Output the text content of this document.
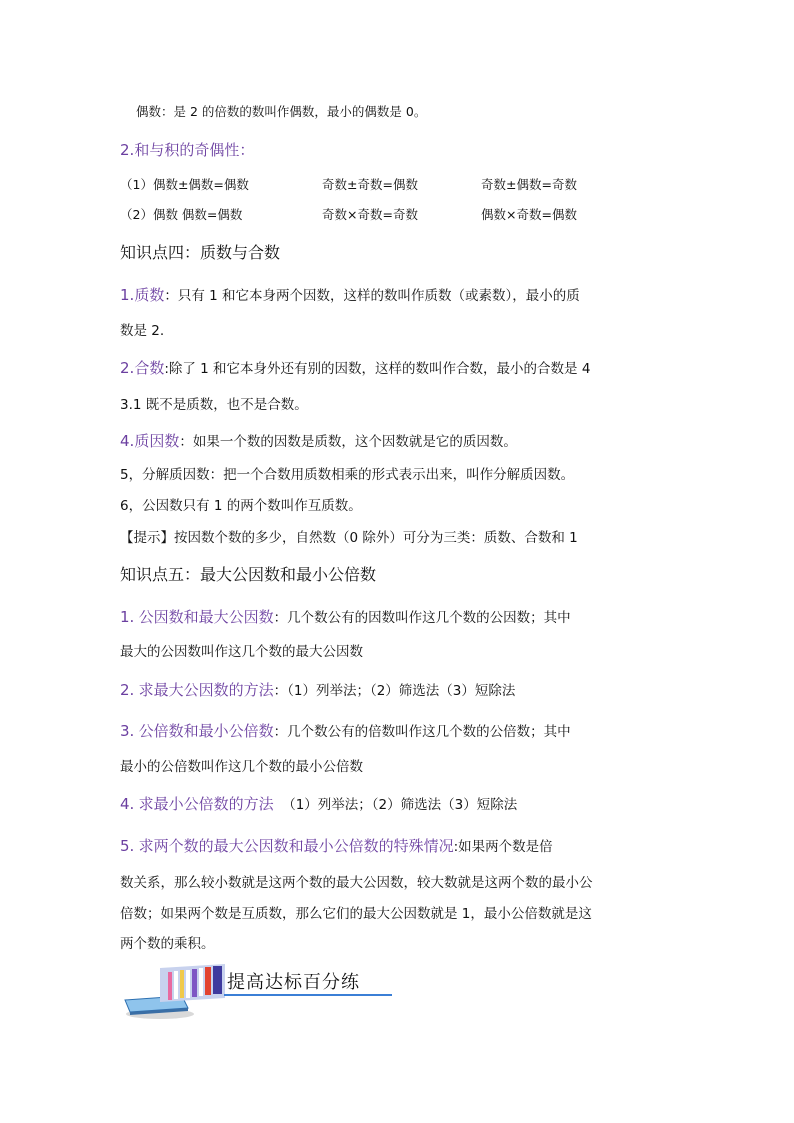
偶数：是 2 的倍数的数叫作偶数，最小的偶数是 0。
2.和与积的奇偶性：
（1）偶数±偶数=偶数	奇数±奇数=偶数	奇数±偶数=奇数
（2）偶数 偶数=偶数	奇数×奇数=奇数	偶数×奇数=偶数
知识点四：质数与合数
1.质数：只有 1 和它本身两个因数，这样的数叫作质数（或素数），最小的质
数是 2.
2.合数:除了 1 和它本身外还有别的因数，这样的数叫作合数，最小的合数是 4
3.1 既不是质数，也不是合数。
4.质因数：如果一个数的因数是质数，这个因数就是它的质因数。
5，分解质因数：把一个合数用质数相乘的形式表示出来，叫作分解质因数。
6，公因数只有 1 的两个数叫作互质数。
【提示】按因数个数的多少，自然数（0 除外）可分为三类：质数、合数和 1
知识点五：最大公因数和最小公倍数
1. 公因数和最大公因数：几个数公有的因数叫作这几个数的公因数；其中
最大的公因数叫作这几个数的最大公因数
2. 求最大公因数的方法：（1）列举法；（2）筛选法（3）短除法
3. 公倍数和最小公倍数：几个数公有的倍数叫作这几个数的公倍数；其中
最小的公倍数叫作这几个数的最小公倍数
4. 求最小公倍数的方法 （1）列举法；（2）筛选法（3）短除法
5. 求两个数的最大公因数和最小公倍数的特殊情况:如果两个数是倍
数关系，那么较小数就是这两个数的最大公因数，较大数就是这两个数的最小公
倍数；如果两个数是互质数，那么它们的最大公因数就是 1，最小公倍数就是这
两个数的乘积。
提高达标百分练
